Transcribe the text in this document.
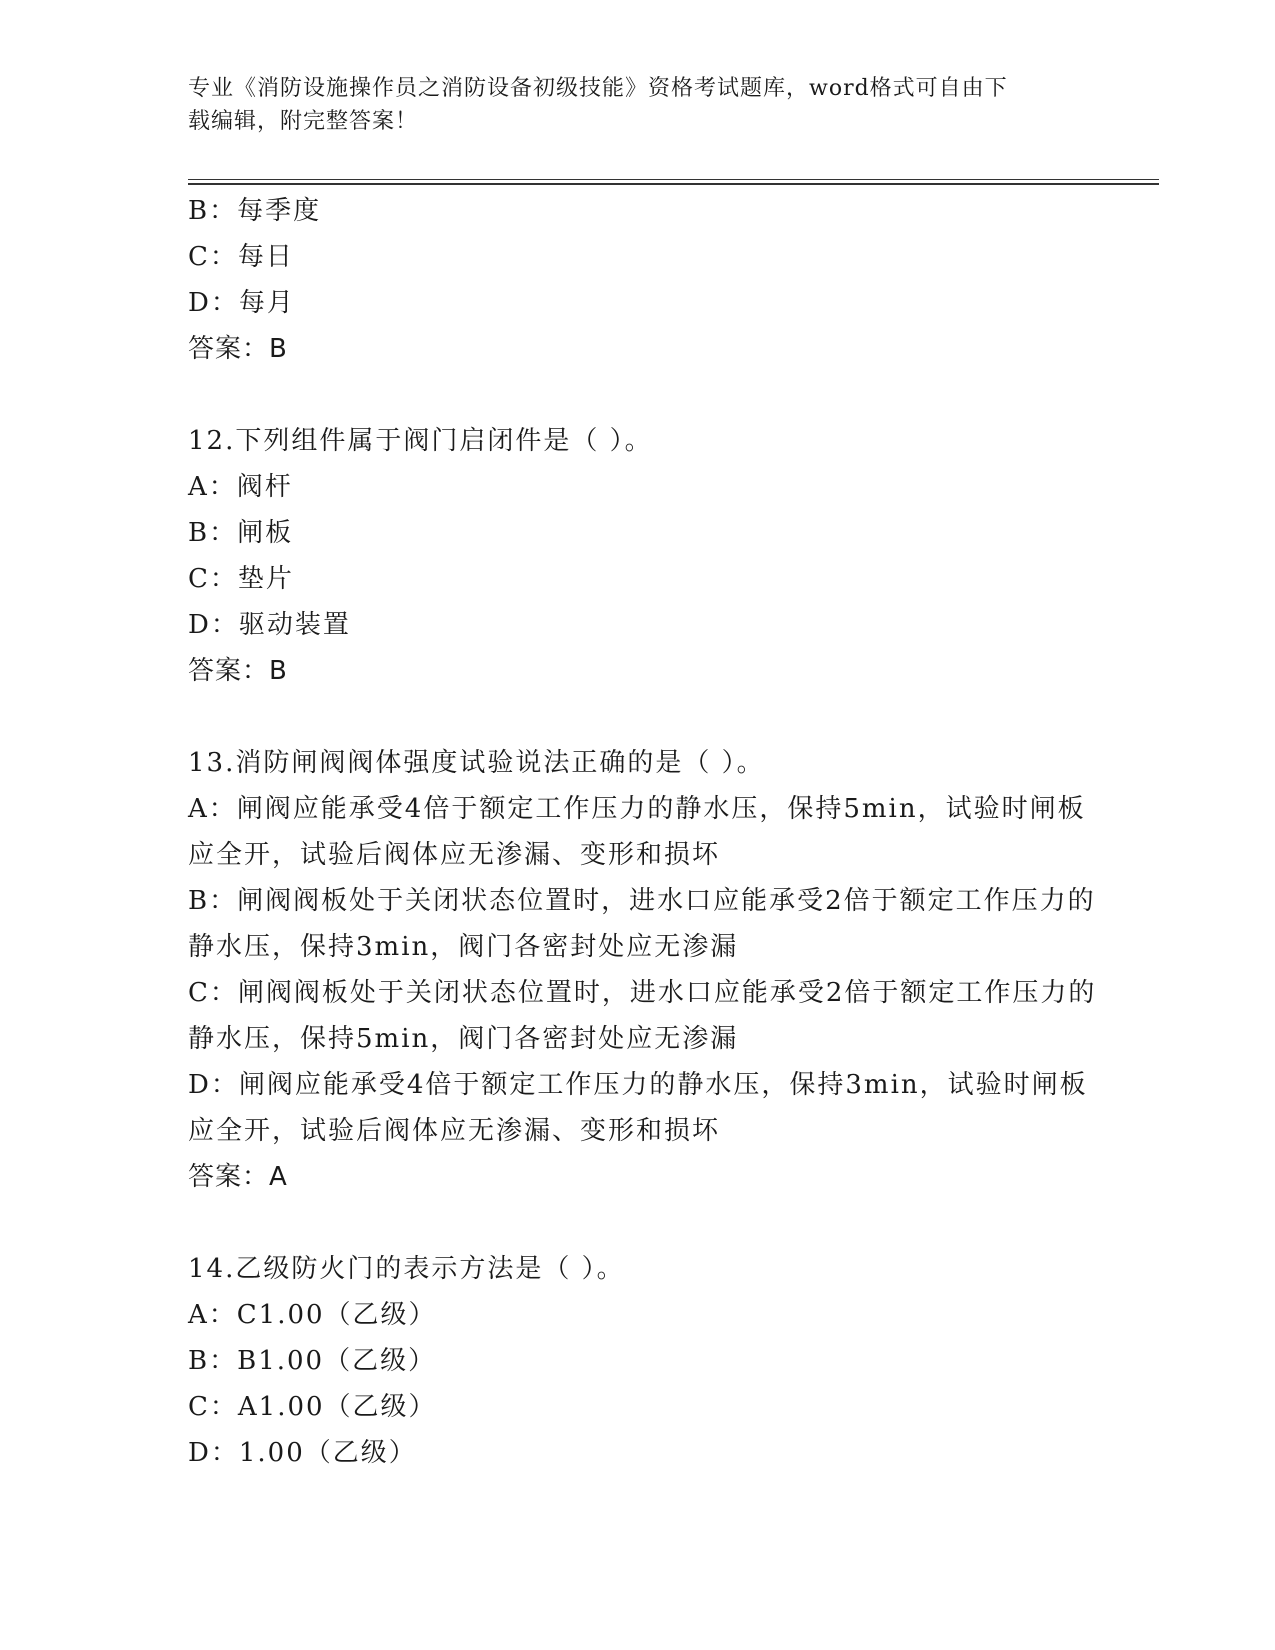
专业《消防设施操作员之消防设备初级技能》资格考试题库，word格式可自由下
载编辑，附完整答案！
B：每季度
C：每日
D：每月
答案：B
12.下列组件属于阀门启闭件是（ ）。
A：阀杆
B：闸板
C：垫片
D：驱动装置
答案：B
13.消防闸阀阀体强度试验说法正确的是（ ）。
A：闸阀应能承受4倍于额定工作压力的静水压，保持5min，试验时闸板应全开，试验后阀体应无渗漏、变形和损坏
B：闸阀阀板处于关闭状态位置时，进水口应能承受2倍于额定工作压力的静水压，保持3min，阀门各密封处应无渗漏
C：闸阀阀板处于关闭状态位置时，进水口应能承受2倍于额定工作压力的静水压，保持5min，阀门各密封处应无渗漏
D：闸阀应能承受4倍于额定工作压力的静水压，保持3min，试验时闸板应全开，试验后阀体应无渗漏、变形和损坏
答案：A
14.乙级防火门的表示方法是（ ）。
A：C1.00（乙级）
B：B1.00（乙级）
C：A1.00（乙级）
D：1.00（乙级）
